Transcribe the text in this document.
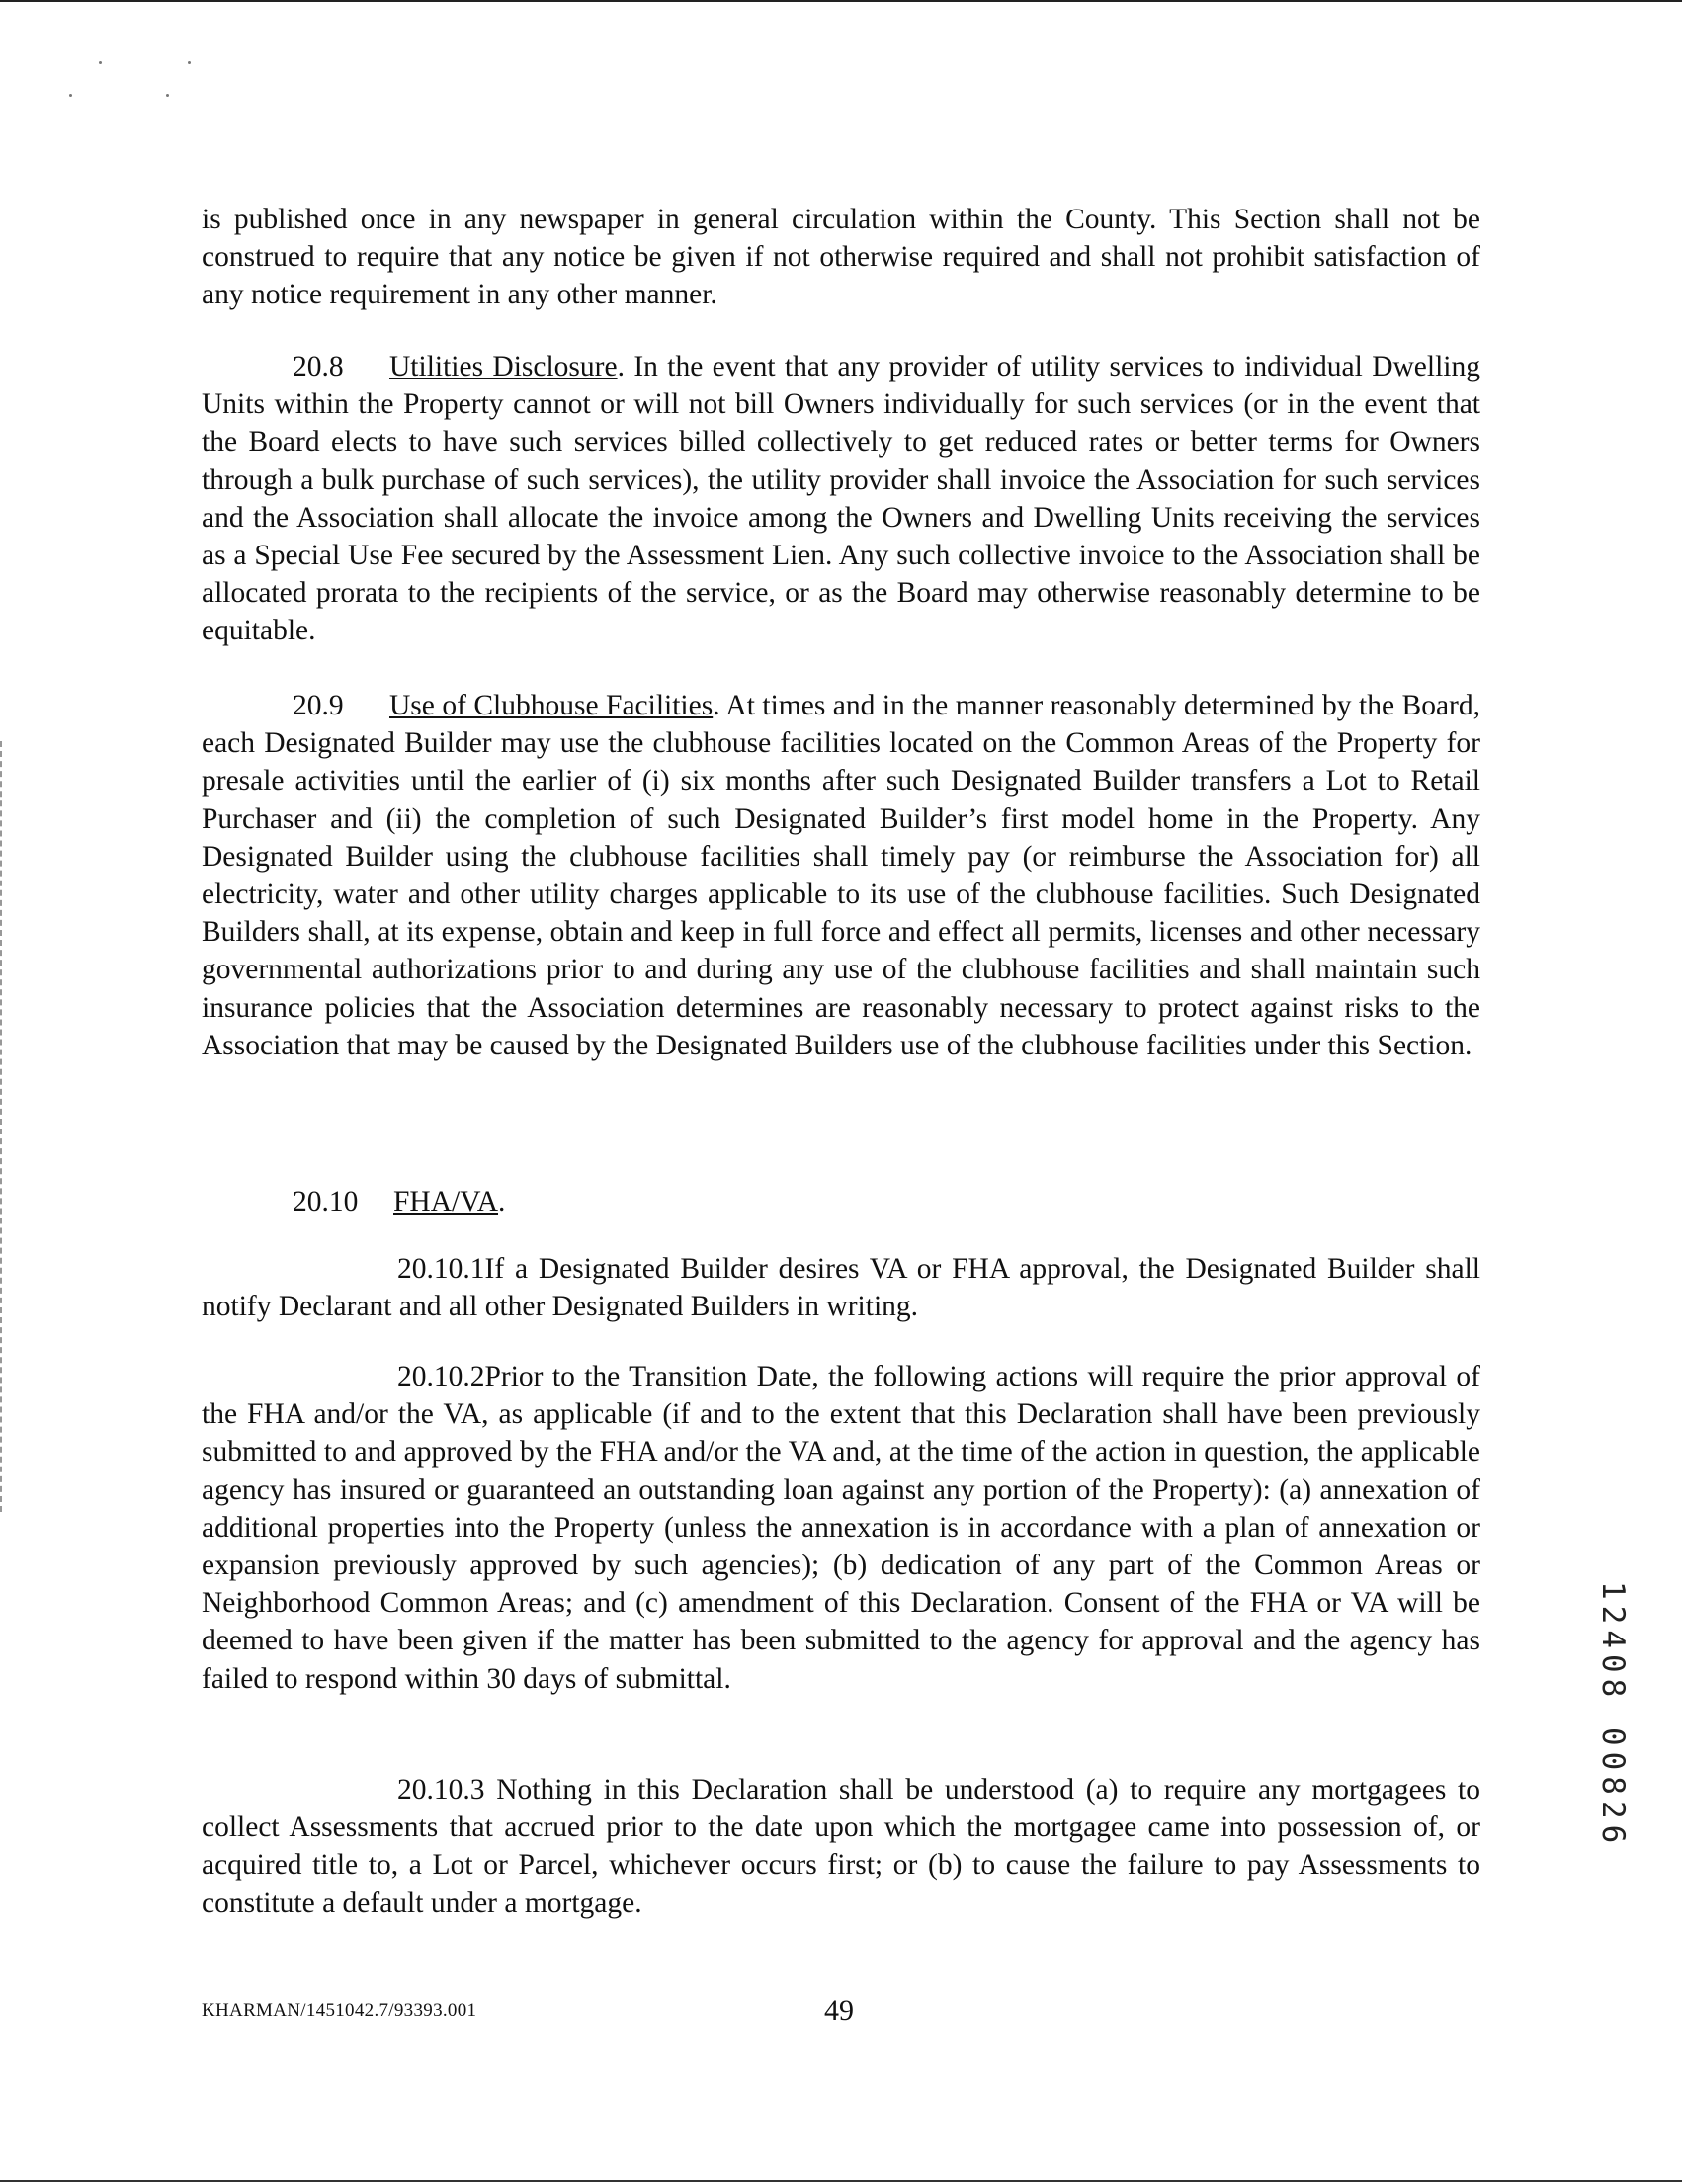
is published once in any newspaper in general circulation within the County. This Section shall not be construed to require that any notice be given if not otherwise required and shall not prohibit satisfaction of any notice requirement in any other manner.

20.8 Utilities Disclosure. In the event that any provider of utility services to individual Dwelling Units within the Property cannot or will not bill Owners individually for such services (or in the event that the Board elects to have such services billed collectively to get reduced rates or better terms for Owners through a bulk purchase of such services), the utility provider shall invoice the Association for such services and the Association shall allocate the invoice among the Owners and Dwelling Units receiving the services as a Special Use Fee secured by the Assessment Lien. Any such collective invoice to the Association shall be allocated prorata to the recipients of the service, or as the Board may otherwise reasonably determine to be equitable.

20.9 Use of Clubhouse Facilities. At times and in the manner reasonably determined by the Board, each Designated Builder may use the clubhouse facilities located on the Common Areas of the Property for presale activities until the earlier of (i) six months after such Designated Builder transfers a Lot to Retail Purchaser and (ii) the completion of such Designated Builder’s first model home in the Property. Any Designated Builder using the clubhouse facilities shall timely pay (or reimburse the Association for) all electricity, water and other utility charges applicable to its use of the clubhouse facilities. Such Designated Builders shall, at its expense, obtain and keep in full force and effect all permits, licenses and other necessary governmental authorizations prior to and during any use of the clubhouse facilities and shall maintain such insurance policies that the Association determines are reasonably necessary to protect against risks to the Association that may be caused by the Designated Builders use of the clubhouse facilities under this Section.

20.10 FHA/VA.

20.10.1If a Designated Builder desires VA or FHA approval, the Designated Builder shall notify Declarant and all other Designated Builders in writing.

20.10.2Prior to the Transition Date, the following actions will require the prior approval of the FHA and/or the VA, as applicable (if and to the extent that this Declaration shall have been previously submitted to and approved by the FHA and/or the VA and, at the time of the action in question, the applicable agency has insured or guaranteed an outstanding loan against any portion of the Property): (a) annexation of additional properties into the Property (unless the annexation is in accordance with a plan of annexation or expansion previously approved by such agencies); (b) dedication of any part of the Common Areas or Neighborhood Common Areas; and (c) amendment of this Declaration. Consent of the FHA or VA will be deemed to have been given if the matter has been submitted to the agency for approval and the agency has failed to respond within 30 days of submittal.

20.10.3 Nothing in this Declaration shall be understood (a) to require any mortgagees to collect Assessments that accrued prior to the date upon which the mortgagee came into possession of, or acquired title to, a Lot or Parcel, whichever occurs first; or (b) to cause the failure to pay Assessments to constitute a default under a mortgage.

KHARMAN/1451042.7/93393.001	49
12408 00826
